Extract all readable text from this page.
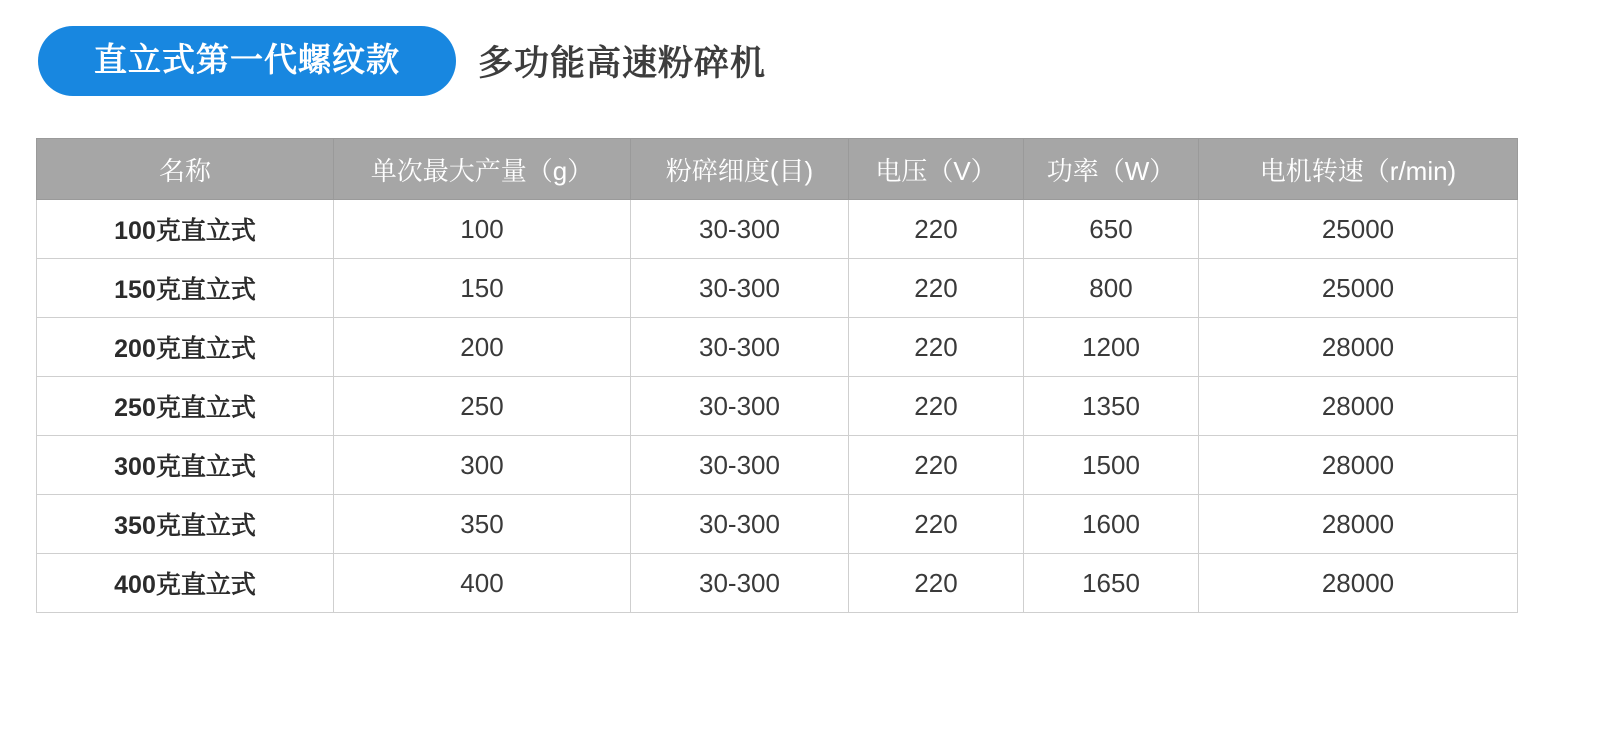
直立式第一代螺纹款	多功能高速粉碎机
名称	单次最大产量（g）	粉碎细度(目)	电压（V）	功率（W）	电机转速（r/min)
100克直立式	100	30-300	220	650	25000
150克直立式	150	30-300	220	800	25000
200克直立式	200	30-300	220	1200	28000
250克直立式	250	30-300	220	1350	28000
300克直立式	300	30-300	220	1500	28000
350克直立式	350	30-300	220	1600	28000
400克直立式	400	30-300	220	1650	28000
